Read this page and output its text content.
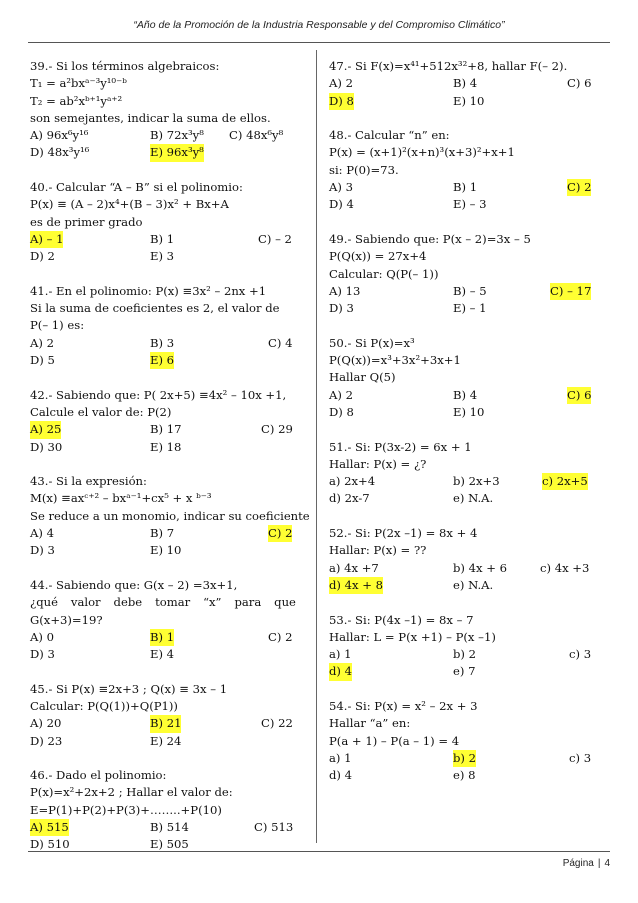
“Año de la Promoción de la Industria Responsable y del Compromiso Climático”
39.- Si los términos algebraicos:
T₁ = a²bxᵃ⁻³y¹⁰⁻ᵇ
T₂ = ab²xᵇ⁺¹yᵃ⁺²
son semejantes, indicar la suma de ellos.
A) 96x⁶y¹⁶	B) 72x³y⁸ C) 48x⁶y⁸
D) 48x³y¹⁶	E) 96x³y⁸
40.- Calcular “A – B” si el polinomio:
P(x) ≡ (A – 2)x⁴+(B – 3)x² + Bx+A
es de primer grado
A) – 1	B) 1	C) – 2
D) 2	E) 3
41.- En el polinomio: P(x) ≡3x² – 2nx +1
Si la suma de coeficientes es 2, el valor de
P(– 1) es:
A) 2	B) 3	C) 4
D) 5	E) 6
42.- Sabiendo que: P( 2x+5) ≡4x² – 10x +1,
Calcule el valor de: P(2)
A) 25	B) 17	C) 29
D) 30	E) 18
43.- Si la expresión:
M(x) ≡axᶜ⁺² – bxᵃ⁻¹+cx⁵ + x ᵇ⁻³
Se reduce a un monomio, indicar su coeficiente
A) 4	B) 7	C) 2
D) 3	E) 10
44.- Sabiendo que: G(x – 2) =3x+1,
¿qué valor debe tomar “x” para que
G(x+3)=19?
A) 0	B) 1	C) 2
D) 3	E) 4
45.- Si P(x) ≡2x+3 ; Q(x) ≡ 3x – 1
Calcular: P(Q(1))+Q(P1))
A) 20	B) 21	C) 22
D) 23	E) 24
46.- Dado el polinomio:
P(x)=x²+2x+2 ; Hallar el valor de:
E=P(1)+P(2)+P(3)+……..+P(10)
A) 515	B) 514	C) 513
D) 510	E) 505
47.- Si F(x)=x⁴¹+512x³²+8, hallar F(– 2).
A) 2	B) 4	C) 6
D) 8	E) 10
48.- Calcular “n” en:
P(x) = (x+1)²(x+n)³(x+3)²+x+1
si: P(0)=73.
A) 3	B) 1	C) 2
D) 4	E) – 3
49.- Sabiendo que: P(x – 2)=3x – 5
P(Q(x)) = 27x+4
Calcular: Q(P(– 1))
A) 13	B) – 5	C) – 17
D) 3	E) – 1
50.- Si P(x)=x³
P(Q(x))=x³+3x²+3x+1
Hallar Q(5)
A) 2	B) 4	C) 6
D) 8	E) 10
51.- Si: P(3x-2) = 6x + 1
Hallar: P(x) = ¿?
a) 2x+4	b) 2x+3	c) 2x+5
d) 2x-7	e) N.A.
52.- Si: P(2x –1) = 8x + 4
Hallar: P(x) = ??
a) 4x +7	b) 4x + 6	c) 4x +3
d) 4x + 8	e) N.A.
53.- Si: P(4x –1) = 8x – 7
Hallar: L = P(x +1) – P(x –1)
a) 1	b) 2	c) 3
d) 4	e) 7
54.- Si: P(x) = x² – 2x + 3
Hallar “a” en:
P(a + 1) – P(a – 1) = 4
a) 1	b) 2	c) 3
d) 4	e) 8
Página | 4
